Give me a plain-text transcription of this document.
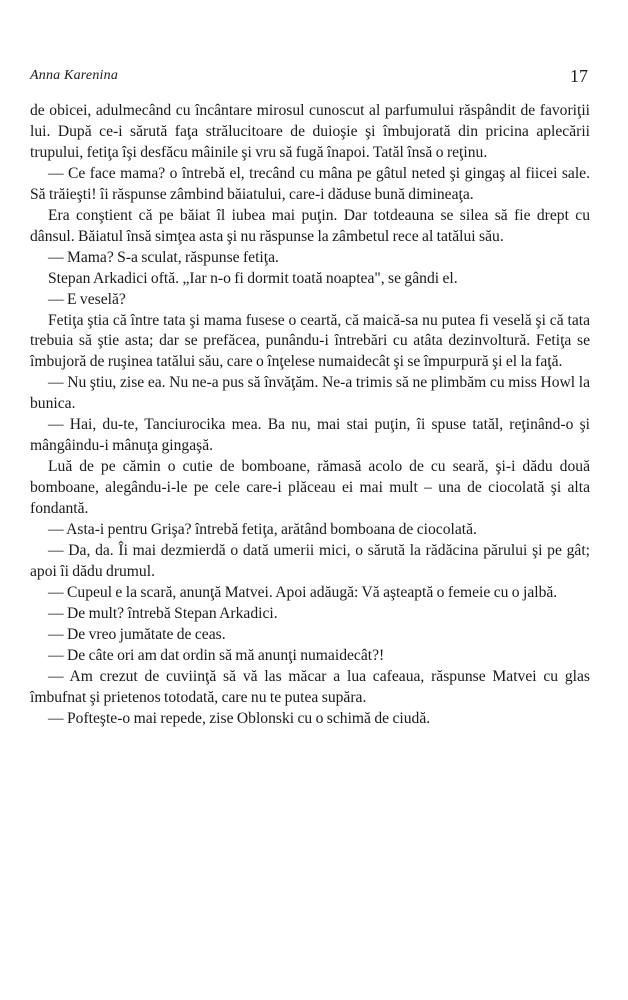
Anna Karenina	17

de obicei, adulmecând cu încântare mirosul cunoscut al parfumului răspândit de favoriţii lui. După ce-i sărută faţa strălucitoare de duioşie şi îmbujorată din pricina aplecării trupului, fetiţa îşi desfăcu mâinile şi vru să fugă înapoi. Tatăl însă o reţinu.

— Ce face mama? o întrebă el, trecând cu mâna pe gâtul neted şi gingaş al fiicei sale. Să trăieşti! îi răspunse zâmbind băiatului, care-i dăduse bună dimineaţa.

Era conştient că pe băiat îl iubea mai puţin. Dar totdeauna se silea să fie drept cu dânsul. Băiatul însă simţea asta şi nu răspunse la zâmbetul rece al tatălui său.

— Mama? S-a sculat, răspunse fetiţa.

Stepan Arkadici oftă. „Iar n-o fi dormit toată noaptea", se gândi el.

— E veselă?

Fetiţa ştia că între tata şi mama fusese o ceartă, că maică-sa nu putea fi veselă şi că tata trebuia să ştie asta; dar se prefăcea, punându-i întrebări cu atâta dezinvoltură. Fetiţa se îmbujoră de ruşinea tatălui său, care o înţelese numaidecât şi se împurpură şi el la faţă.

— Nu ştiu, zise ea. Nu ne-a pus să învăţăm. Ne-a trimis să ne plimbăm cu miss Howl la bunica.

— Hai, du-te, Tanciurocika mea. Ba nu, mai stai puţin, îi spuse tatăl, reţinând-o şi mângâindu-i mânuţa gingaşă.

Luă de pe cămin o cutie de bomboane, rămasă acolo de cu seară, şi-i dădu două bomboane, alegându-i-le pe cele care-i plăceau ei mai mult – una de ciocolată şi alta fondantă.

— Asta-i pentru Grişa? întrebă fetiţa, arătând bomboana de ciocolată.

— Da, da. Îi mai dezmierdă o dată umerii mici, o sărută la rădăcina părului şi pe gât; apoi îi dădu drumul.

— Cupeul e la scară, anunţă Matvei. Apoi adăugă: Vă aşteaptă o femeie cu o jalbă.

— De mult? întrebă Stepan Arkadici.

— De vreo jumătate de ceas.

— De câte ori am dat ordin să mă anunţi numaidecât?!

— Am crezut de cuviinţă să vă las măcar a lua cafeaua, răspunse Matvei cu glas îmbufnat şi prietenos totodată, care nu te putea supăra.

— Pofteşte-o mai repede, zise Oblonski cu o schimă de ciudă.
